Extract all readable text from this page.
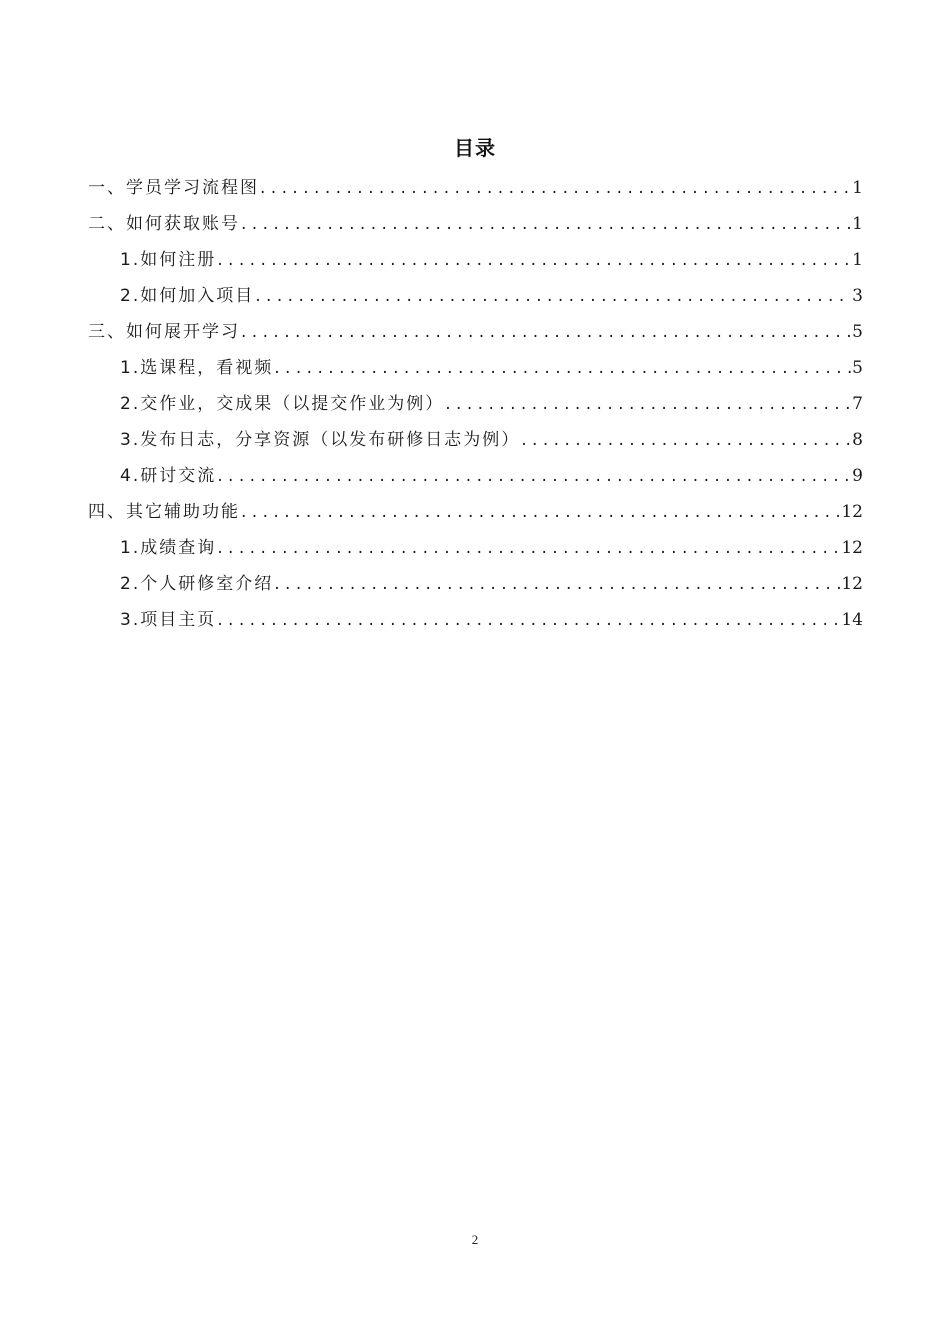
目录
一、学员学习流程图 . . .	1
二、如何获取账号 . . .	1
1.如何注册 . . .	1
2.如何加入项目 . . .	3
三、如何展开学习 . . .	5
1.选课程，看视频 . . .	5
2.交作业，交成果（以提交作业为例） . . .	7
3.发布日志，分享资源（以发布研修日志为例） . . .	8
4.研讨交流 . . .	9
四、其它辅助功能 . . .	12
1.成绩查询 . . .	12
2.个人研修室介绍 . . .	12
3.项目主页 . . .	14
2
